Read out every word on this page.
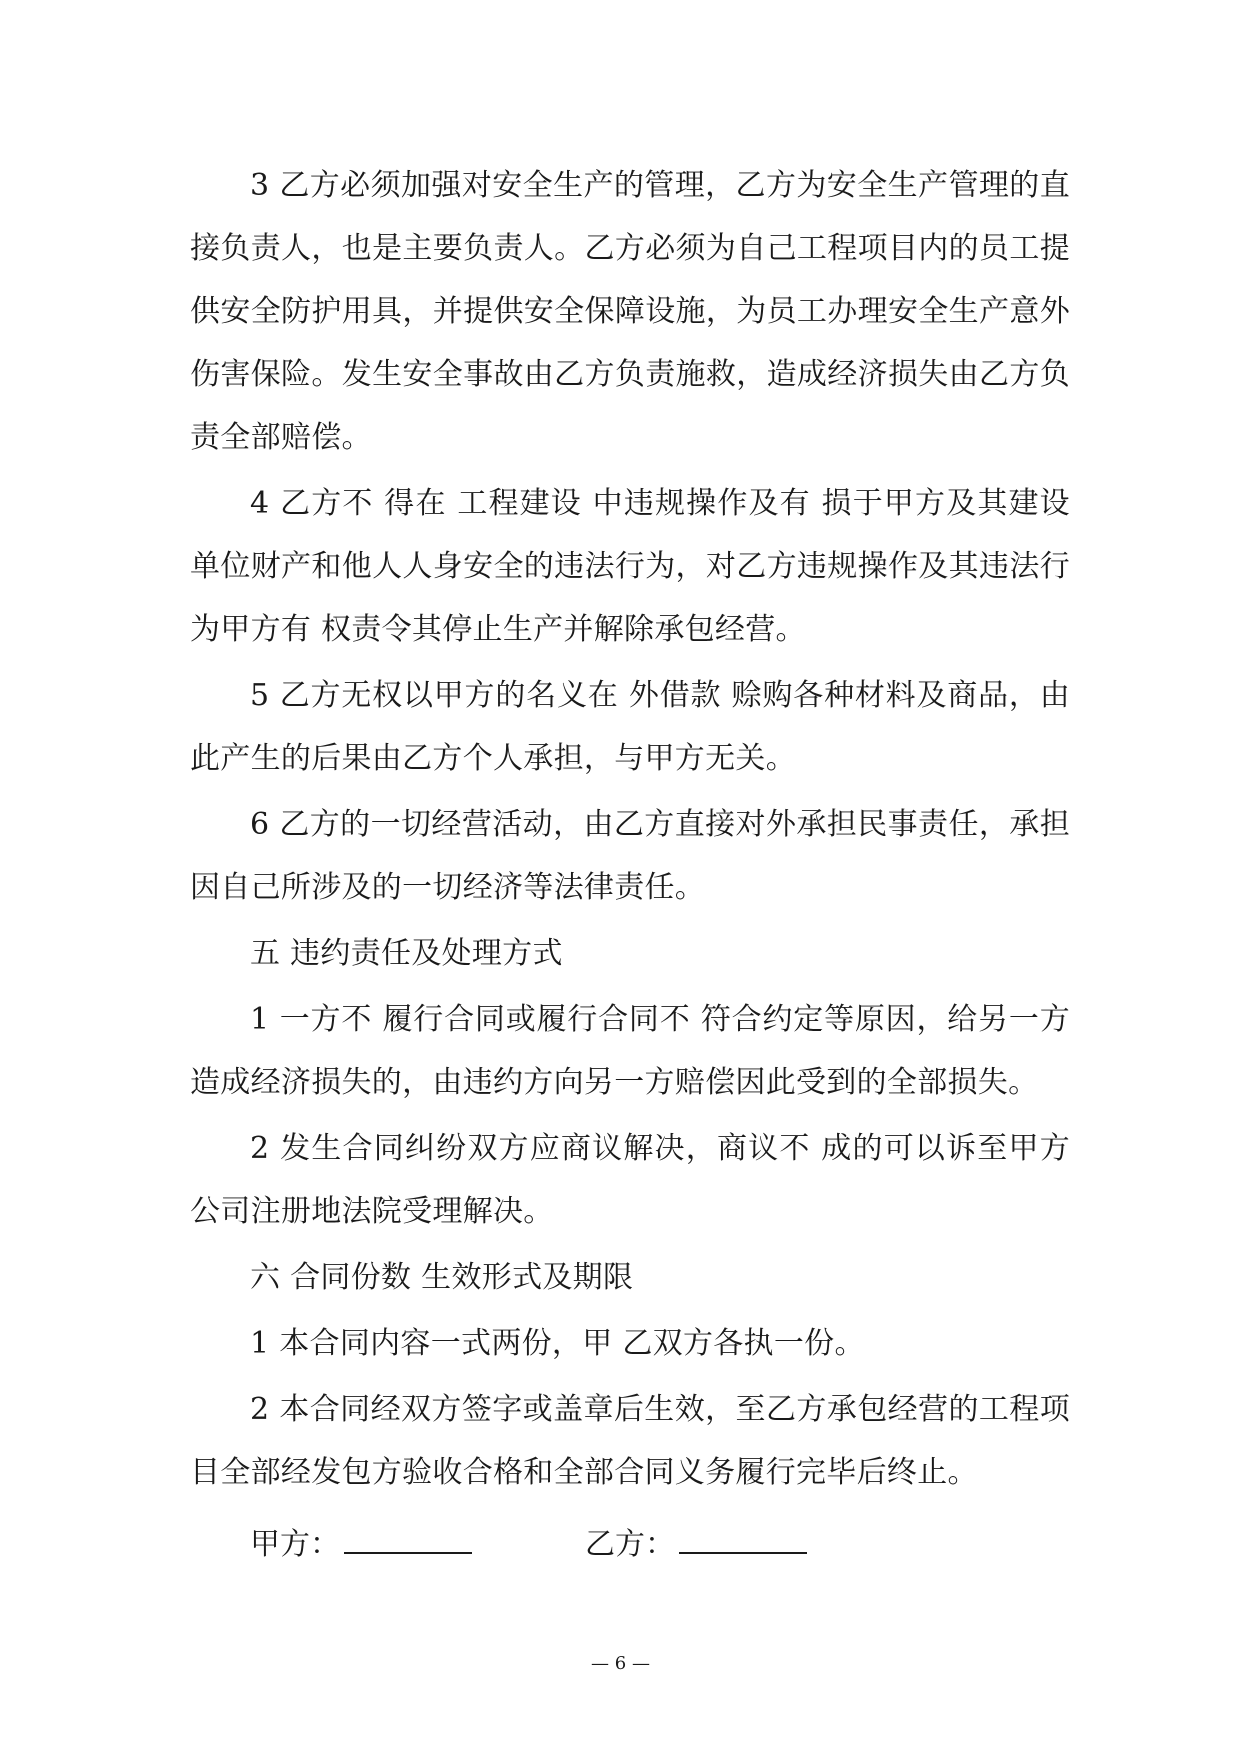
3 乙方必须加强对安全生产的管理，乙方为安全生产管理的直接负责人，也是主要负责人。乙方必须为自己工程项目内的员工提供安全防护用具，并提供安全保障设施，为员工办理安全生产意外伤害保险。发生安全事故由乙方负责施救，造成经济损失由乙方负责全部赔偿。

4 乙方不 得在 工程建设 中违规操作及有 损于甲方及其建设单位财产和他人人身安全的违法行为，对乙方违规操作及其违法行为甲方有 权责令其停止生产并解除承包经营。

5 乙方无权以甲方的名义在 外借款 赊购各种材料及商品，由此产生的后果由乙方个人承担，与甲方无关。

6 乙方的一切经营活动，由乙方直接对外承担民事责任，承担因自己所涉及的一切经济等法律责任。

五 违约责任及处理方式

1 一方不 履行合同或履行合同不 符合约定等原因，给另一方造成经济损失的，由违约方向另一方赔偿因此受到的全部损失。

2 发生合同纠纷双方应商议解决，商议不 成的可以诉至甲方公司注册地法院受理解决。

六 合同份数 生效形式及期限

1 本合同内容一式两份，甲 乙双方各执一份。

2 本合同经双方签字或盖章后生效，至乙方承包经营的工程项目全部经发包方验收合格和全部合同义务履行完毕后终止。

甲方：	乙方：
— 6 —
